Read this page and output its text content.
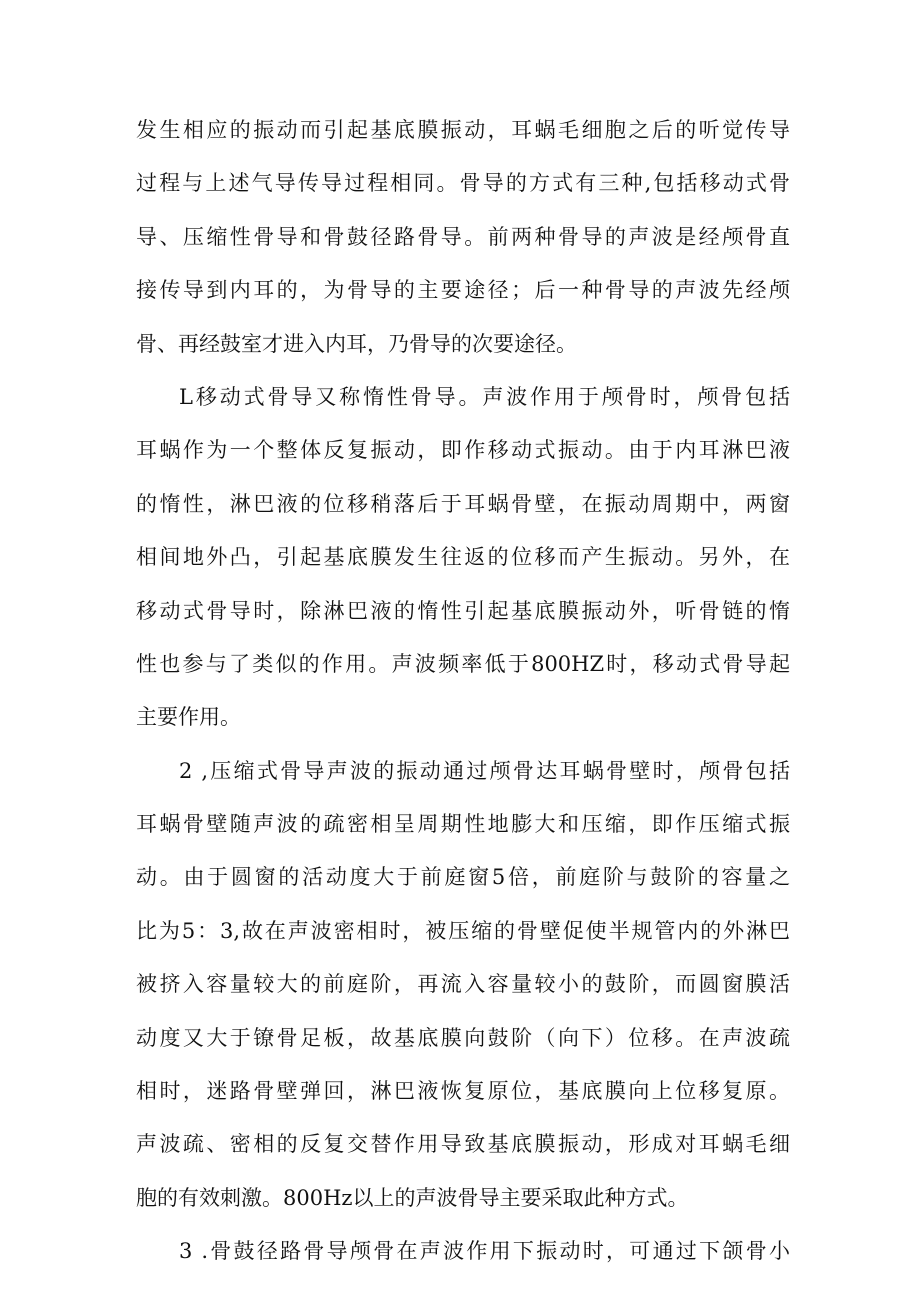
发生相应的振动而引起基底膜振动，耳蜗毛细胞之后的听觉传导
过程与上述气导传导过程相同。骨导的方式有三种,包括移动式骨
导、压缩性骨导和骨鼓径路骨导。前两种骨导的声波是经颅骨直
接传导到内耳的，为骨导的主要途径；后一种骨导的声波先经颅
骨、再经鼓室才进入内耳，乃骨导的次要途径。
L移动式骨导又称惰性骨导。声波作用于颅骨时，颅骨包括
耳蜗作为一个整体反复振动，即作移动式振动。由于内耳淋巴液
的惰性，淋巴液的位移稍落后于耳蜗骨壁，在振动周期中，两窗
相间地外凸，引起基底膜发生往返的位移而产生振动。另外，在
移动式骨导时，除淋巴液的惰性引起基底膜振动外，听骨链的惰
性也参与了类似的作用。声波频率低于800HZ时，移动式骨导起
主要作用。
2 ,压缩式骨导声波的振动通过颅骨达耳蜗骨壁时，颅骨包括
耳蜗骨壁随声波的疏密相呈周期性地膨大和压缩，即作压缩式振
动。由于圆窗的活动度大于前庭窗5倍，前庭阶与鼓阶的容量之
比为5：3,故在声波密相时，被压缩的骨壁促使半规管内的外淋巴
被挤入容量较大的前庭阶，再流入容量较小的鼓阶，而圆窗膜活
动度又大于镣骨足板，故基底膜向鼓阶（向下）位移。在声波疏
相时，迷路骨壁弹回，淋巴液恢复原位，基底膜向上位移复原。
声波疏、密相的反复交替作用导致基底膜振动，形成对耳蜗毛细
胞的有效刺激。800Hz以上的声波骨导主要采取此种方式。
3 .骨鼓径路骨导颅骨在声波作用下振动时，可通过下颌骨小
